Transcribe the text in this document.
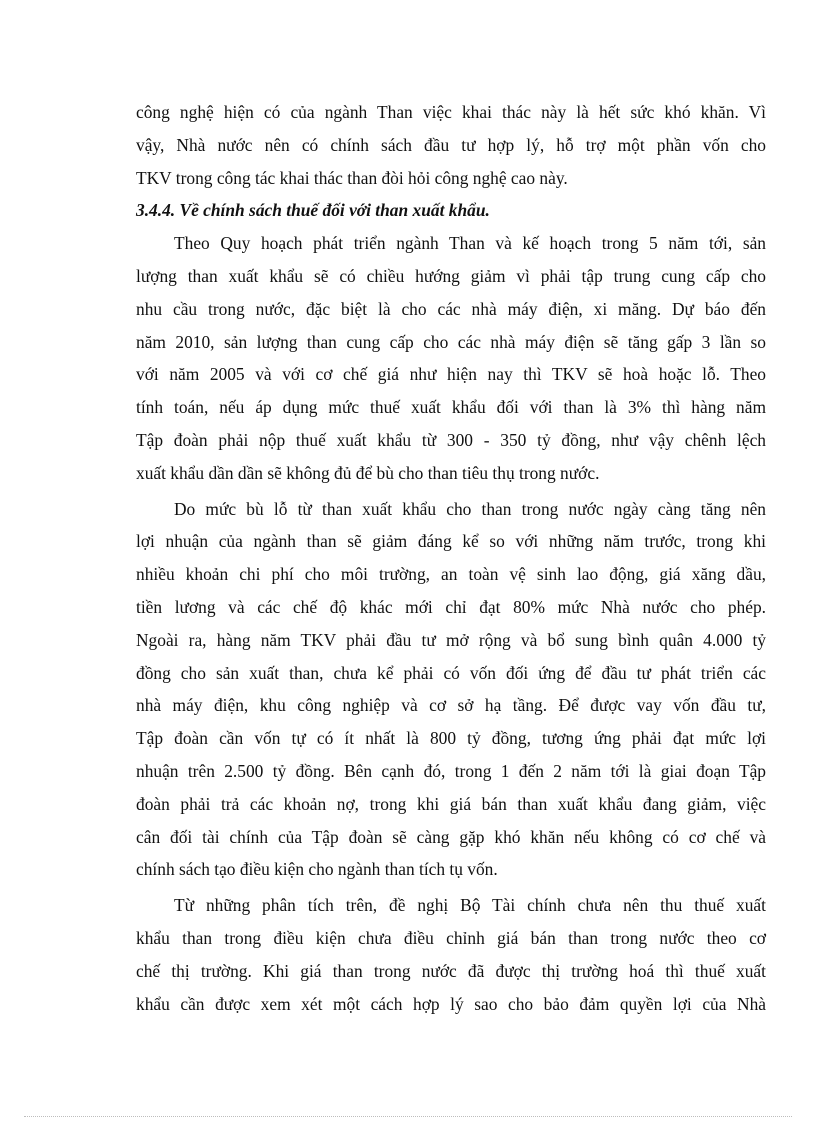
công nghệ hiện có của ngành Than việc khai thác này là hết sức khó khăn. Vì
vậy, Nhà nước nên có chính sách đầu tư hợp lý, hỗ trợ một phần vốn cho
TKV trong công tác khai thác than đòi hỏi công nghệ cao này.
3.4.4. Về chính sách thuế đối với than xuất khẩu.
Theo Quy hoạch phát triển ngành Than và kế hoạch trong 5 năm tới, sản
lượng than xuất khẩu sẽ có chiều hướng giảm vì phải tập trung cung cấp cho
nhu cầu trong nước, đặc biệt là cho các nhà máy điện, xi măng. Dự báo đến
năm 2010, sản lượng than cung cấp cho các nhà máy điện sẽ tăng gấp 3 lần so
với năm 2005 và với cơ chế giá như hiện nay thì TKV sẽ hoà hoặc lỗ. Theo
tính toán, nếu áp dụng mức thuế xuất khẩu đối với than là 3% thì hàng năm
Tập đoàn phải nộp thuế xuất khẩu từ 300 - 350 tỷ đồng, như vậy chênh lệch
xuất khẩu dần dần sẽ không đủ để bù cho than tiêu thụ trong nước.
Do mức bù lỗ từ than xuất khẩu cho than trong nước ngày càng tăng nên
lợi nhuận của ngành than sẽ giảm đáng kể so với những năm trước, trong khi
nhiều khoản chi phí cho môi trường, an toàn vệ sinh lao động, giá xăng dầu,
tiền lương và các chế độ khác mới chỉ đạt 80% mức Nhà nước cho phép.
Ngoài ra, hàng năm TKV phải đầu tư mở rộng và bổ sung bình quân 4.000 tỷ
đồng cho sản xuất than, chưa kể phải có vốn đối ứng để đầu tư phát triển các
nhà máy điện, khu công nghiệp và cơ sở hạ tầng. Để được vay vốn đầu tư,
Tập đoàn cần vốn tự có ít nhất là 800 tỷ đồng, tương ứng phải đạt mức lợi
nhuận trên 2.500 tỷ đồng. Bên cạnh đó, trong 1 đến 2 năm tới là giai đoạn Tập
đoàn phải trả các khoản nợ, trong khi giá bán than xuất khẩu đang giảm, việc
cân đối tài chính của Tập đoàn sẽ càng gặp khó khăn nếu không có cơ chế và
chính sách tạo điều kiện cho ngành than tích tụ vốn.
Từ những phân tích trên, đề nghị Bộ Tài chính chưa nên thu thuế xuất
khẩu than trong điều kiện chưa điều chỉnh giá bán than trong nước theo cơ
chế thị trường. Khi giá than trong nước đã được thị trường hoá thì thuế xuất
khẩu cần được xem xét một cách hợp lý sao cho bảo đảm quyền lợi của Nhà
